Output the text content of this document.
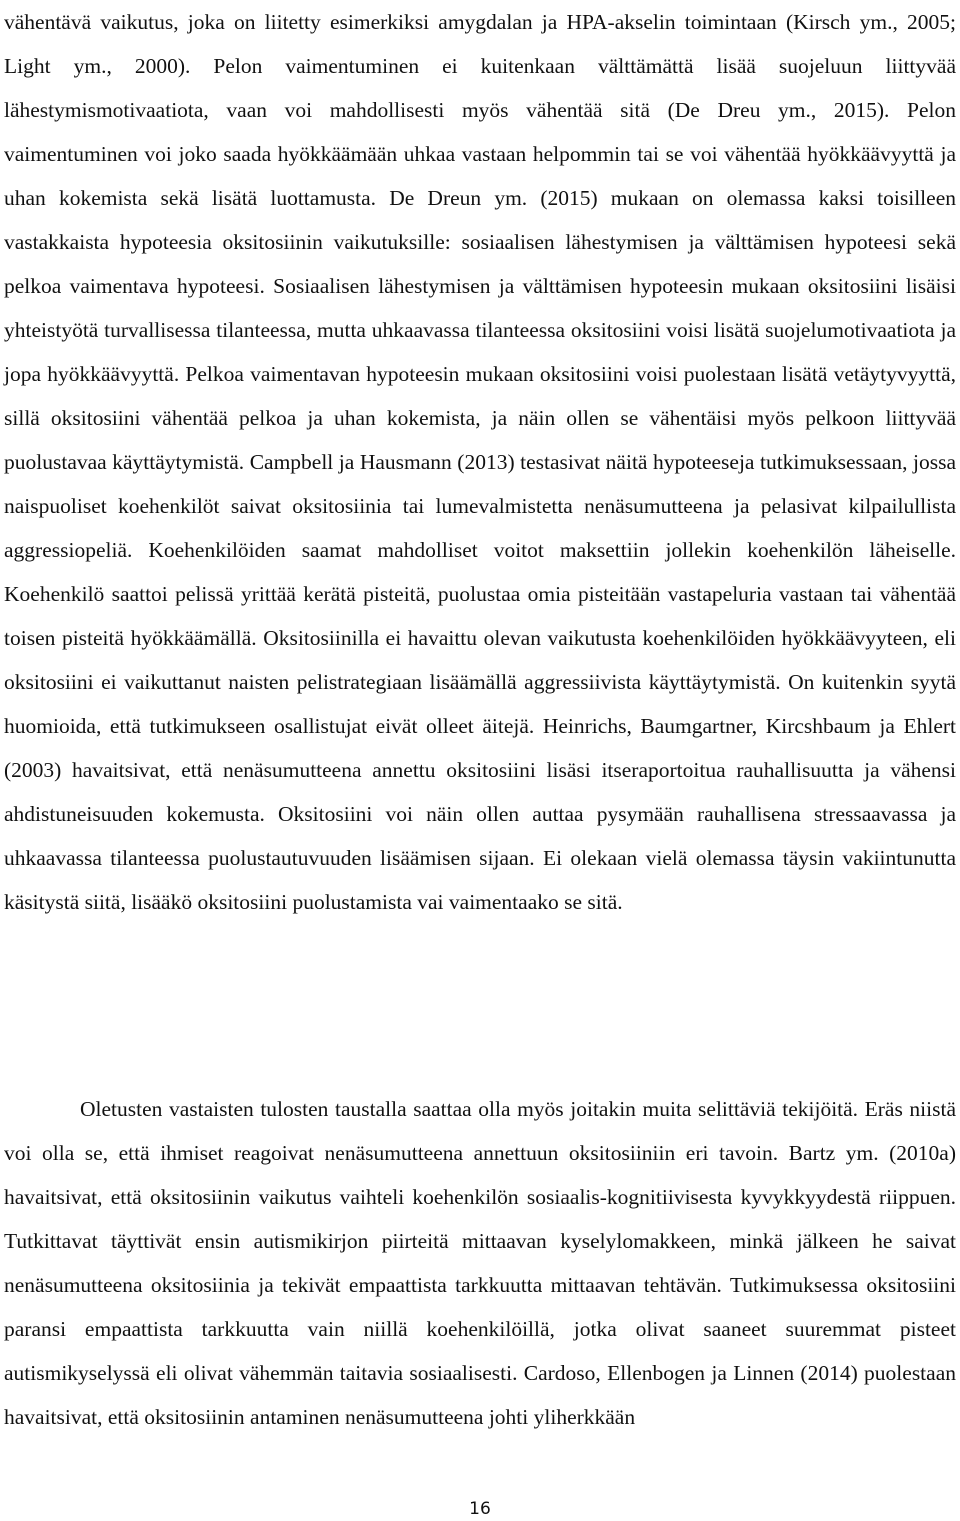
vähentävä vaikutus, joka on liitetty esimerkiksi amygdalan ja HPA-akselin toimintaan (Kirsch ym., 2005; Light ym., 2000). Pelon vaimentuminen ei kuitenkaan välttämättä lisää suojeluun liittyvää lähestymismotivaatiota, vaan voi mahdollisesti myös vähentää sitä (De Dreu ym., 2015). Pelon vaimentuminen voi joko saada hyökkäämään uhkaa vastaan helpommin tai se voi vähentää hyökkäävyyttä ja uhan kokemista sekä lisätä luottamusta. De Dreun ym. (2015) mukaan on olemassa kaksi toisilleen vastakkaista hypoteesia oksitosiinin vaikutuksille: sosiaalisen lähestymisen ja välttämisen hypoteesi sekä pelkoa vaimentava hypoteesi. Sosiaalisen lähestymisen ja välttämisen hypoteesin mukaan oksitosiini lisäisi yhteistyötä turvallisessa tilanteessa, mutta uhkaavassa tilanteessa oksitosiini voisi lisätä suojelumotivaatiota ja jopa hyökkäävyyttä. Pelkoa vaimentavan hypoteesin mukaan oksitosiini voisi puolestaan lisätä vetäytyvyyttä, sillä oksitosiini vähentää pelkoa ja uhan kokemista, ja näin ollen se vähentäisi myös pelkoon liittyvää puolustavaa käyttäytymistä. Campbell ja Hausmann (2013) testasivat näitä hypoteeseja tutkimuksessaan, jossa naispuoliset koehenkilöt saivat oksitosiinia tai lumevalmistetta nenäsumutteena ja pelasivat kilpailullista aggressiopeliä. Koehenkilöiden saamat mahdolliset voitot maksettiin jollekin koehenkilön läheiselle. Koehenkilö saattoi pelissä yrittää kerätä pisteitä, puolustaa omia pisteitään vastapeluria vastaan tai vähentää toisen pisteitä hyökkäämällä. Oksitosiinilla ei havaittu olevan vaikutusta koehenkilöiden hyökkäävyyteen, eli oksitosiini ei vaikuttanut naisten pelistrategiaan lisäämällä aggressiivista käyttäytymistä. On kuitenkin syytä huomioida, että tutkimukseen osallistujat eivät olleet äitejä. Heinrichs, Baumgartner, Kircshbaum ja Ehlert (2003) havaitsivat, että nenäsumutteena annettu oksitosiini lisäsi itseraportoitua rauhallisuutta ja vähensi ahdistuneisuuden kokemusta. Oksitosiini voi näin ollen auttaa pysymään rauhallisena stressaavassa ja uhkaavassa tilanteessa puolustautuvuuden lisäämisen sijaan. Ei olekaan vielä olemassa täysin vakiintunutta käsitystä siitä, lisääkö oksitosiini puolustamista vai vaimentaako se sitä.

Oletusten vastaisten tulosten taustalla saattaa olla myös joitakin muita selittäviä tekijöitä. Eräs niistä voi olla se, että ihmiset reagoivat nenäsumutteena annettuun oksitosiiniin eri tavoin. Bartz ym. (2010a) havaitsivat, että oksitosiinin vaikutus vaihteli koehenkilön sosiaalis-kognitiivisesta kyvykkyydestä riippuen. Tutkittavat täyttivät ensin autismikirjon piirteitä mittaavan kyselylomakkeen, minkä jälkeen he saivat nenäsumutteena oksitosiinia ja tekivät empaattista tarkkuutta mittaavan tehtävän. Tutkimuksessa oksitosiini paransi empaattista tarkkuutta vain niillä koehenkilöillä, jotka olivat saaneet suuremmat pisteet autismikyselyssä eli olivat vähemmän taitavia sosiaalisesti. Cardoso, Ellenbogen ja Linnen (2014) puolestaan havaitsivat, että oksitosiinin antaminen nenäsumutteena johti yliherkkään

16
